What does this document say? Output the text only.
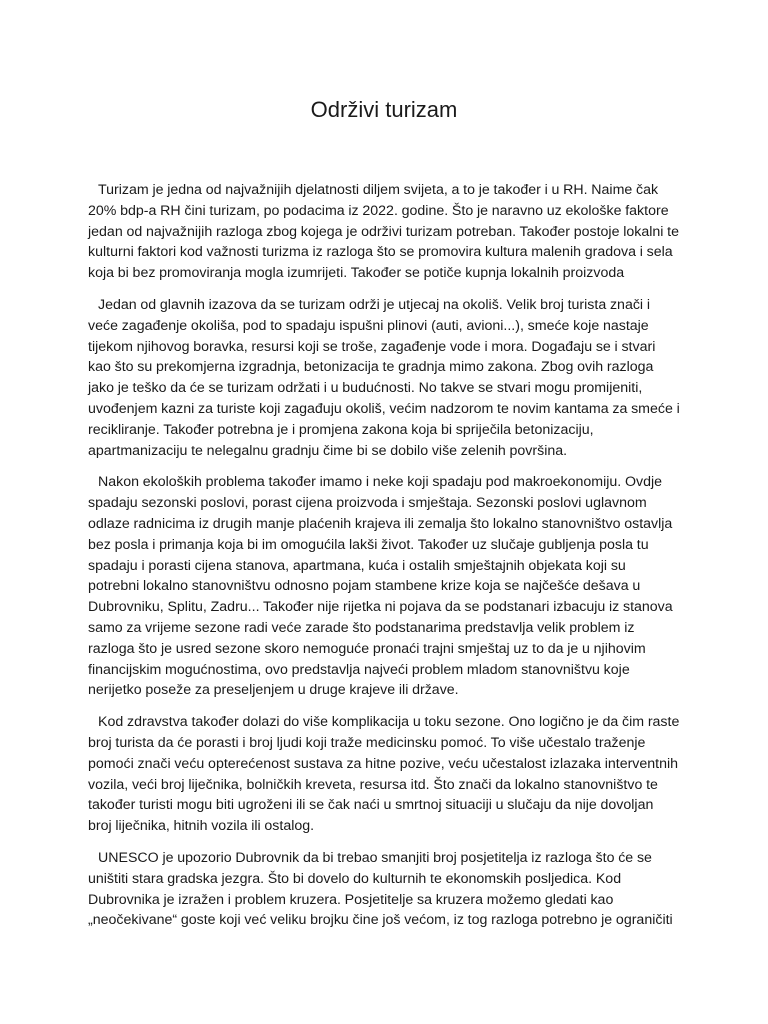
Održivi turizam

Turizam je jedna od najvažnijih djelatnosti diljem svijeta, a to je također i u RH. Naime čak 20% bdp-a RH čini turizam, po podacima iz 2022. godine. Što je naravno uz ekološke faktore jedan od najvažnijih razloga zbog kojega je održivi turizam potreban. Također postoje lokalni te kulturni faktori kod važnosti turizma iz razloga što se promovira kultura malenih gradova i sela koja bi bez promoviranja mogla izumrijeti. Također se potiče kupnja lokalnih proizvoda

Jedan od glavnih izazova da se turizam održi je utjecaj na okoliš. Velik broj turista znači i veće zagađenje okoliša, pod to spadaju ispušni plinovi (auti, avioni...), smeće koje nastaje tijekom njihovog boravka, resursi koji se troše, zagađenje vode i mora. Događaju se i stvari kao što su prekomjerna izgradnja, betonizacija te gradnja mimo zakona. Zbog ovih razloga jako je teško da će se turizam održati i u budućnosti. No takve se stvari mogu promijeniti, uvođenjem kazni za turiste koji zagađuju okoliš, većim nadzorom te novim kantama za smeće i recikliranje. Također potrebna je i promjena zakona koja bi spriječila betonizaciju, apartmanizaciju te nelegalnu gradnju čime bi se dobilo više zelenih površina.

Nakon ekoloških problema također imamo i neke koji spadaju pod makroekonomiju. Ovdje spadaju sezonski poslovi, porast cijena proizvoda i smještaja. Sezonski poslovi uglavnom odlaze radnicima iz drugih manje plaćenih krajeva ili zemalja što lokalno stanovništvo ostavlja bez posla i primanja koja bi im omogućila lakši život. Također uz slučaje gubljenja posla tu spadaju i porasti cijena stanova, apartmana, kuća i ostalih smještajnih objekata koji su potrebni lokalno stanovništvu odnosno pojam stambene krize koja se najčešće dešava u Dubrovniku, Splitu, Zadru... Također nije rijetka ni pojava da se podstanari izbacuju iz stanova samo za vrijeme sezone radi veće zarade što podstanarima predstavlja velik problem iz razloga što je usred sezone skoro nemoguće pronaći trajni smještaj uz to da je u njihovim financijskim mogućnostima, ovo predstavlja najveći problem mladom stanovništvu koje nerijetko poseže za preseljenjem u druge krajeve ili države.

Kod zdravstva također dolazi do više komplikacija u toku sezone. Ono logično je da čim raste broj turista da će porasti i broj ljudi koji traže medicinsku pomoć. To više učestalo traženje pomoći znači veću opterećenost sustava za hitne pozive, veću učestalost izlazaka interventnih vozila, veći broj liječnika, bolničkih kreveta, resursa itd. Što znači da lokalno stanovništvo te također turisti mogu biti ugroženi ili se čak naći u smrtnoj situaciji u slučaju da nije dovoljan broj liječnika, hitnih vozila ili ostalog.

UNESCO je upozorio Dubrovnik da bi trebao smanjiti broj posjetitelja iz razloga što će se uništiti stara gradska jezgra. Što bi dovelo do kulturnih te ekonomskih posljedica. Kod Dubrovnika je izražen i problem kruzera. Posjetitelje sa kruzera možemo gledati kao „neočekivane“ goste koji već veliku brojku čine još većom, iz tog razloga potrebno je ograničiti
